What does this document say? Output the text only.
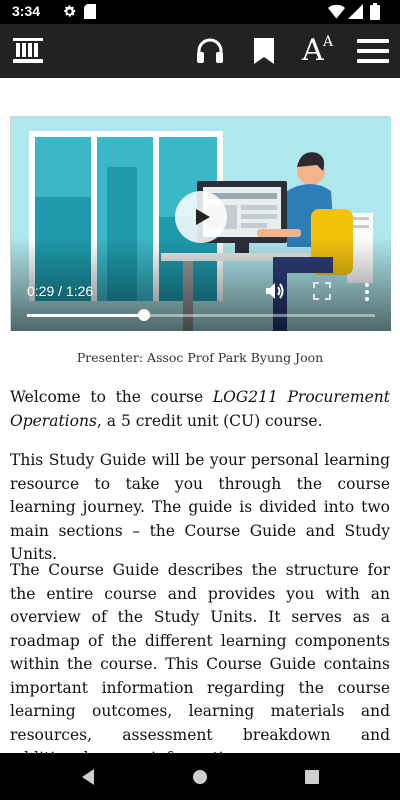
3:34
A A
0:29 / 1:26
Presenter: Assoc Prof Park Byung Joon

Welcome to the course LOG211 Procurement Operations, a 5 credit unit (CU) course.

This Study Guide will be your personal learning resource to take you through the course learning journey. The guide is divided into two main sections – the Course Guide and Study Units.

The Course Guide describes the structure for the entire course and provides you with an overview of the Study Units. It serves as a roadmap of the different learning components within the course. This Course Guide contains important information regarding the course learning outcomes, learning materials and resources, assessment breakdown and
